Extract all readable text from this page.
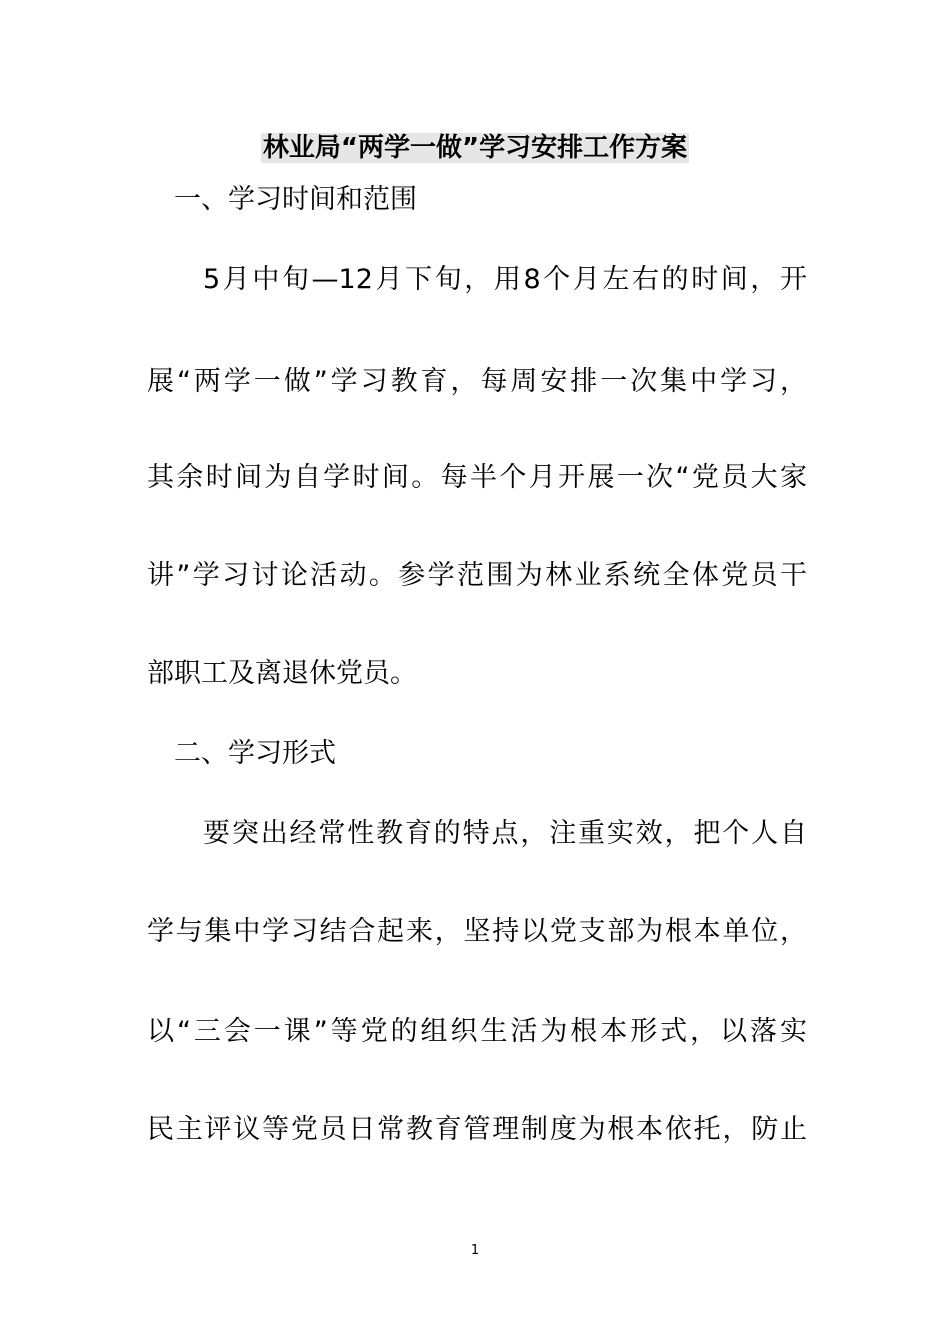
林业局“两学一做”学习安排工作方案
一、学习时间和范围
5月中旬—12月下旬，用8个月左右的时间，开
展“两学一做”学习教育，每周安排一次集中学习，
其余时间为自学时间。每半个月开展一次“党员大家
讲”学习讨论活动。参学范围为林业系统全体党员干
部职工及离退休党员。
二、学习形式
要突出经常性教育的特点，注重实效，把个人自
学与集中学习结合起来，坚持以党支部为根本单位，
以“三会一课”等党的组织生活为根本形式，以落实
民主评议等党员日常教育管理制度为根本依托，防止
1
